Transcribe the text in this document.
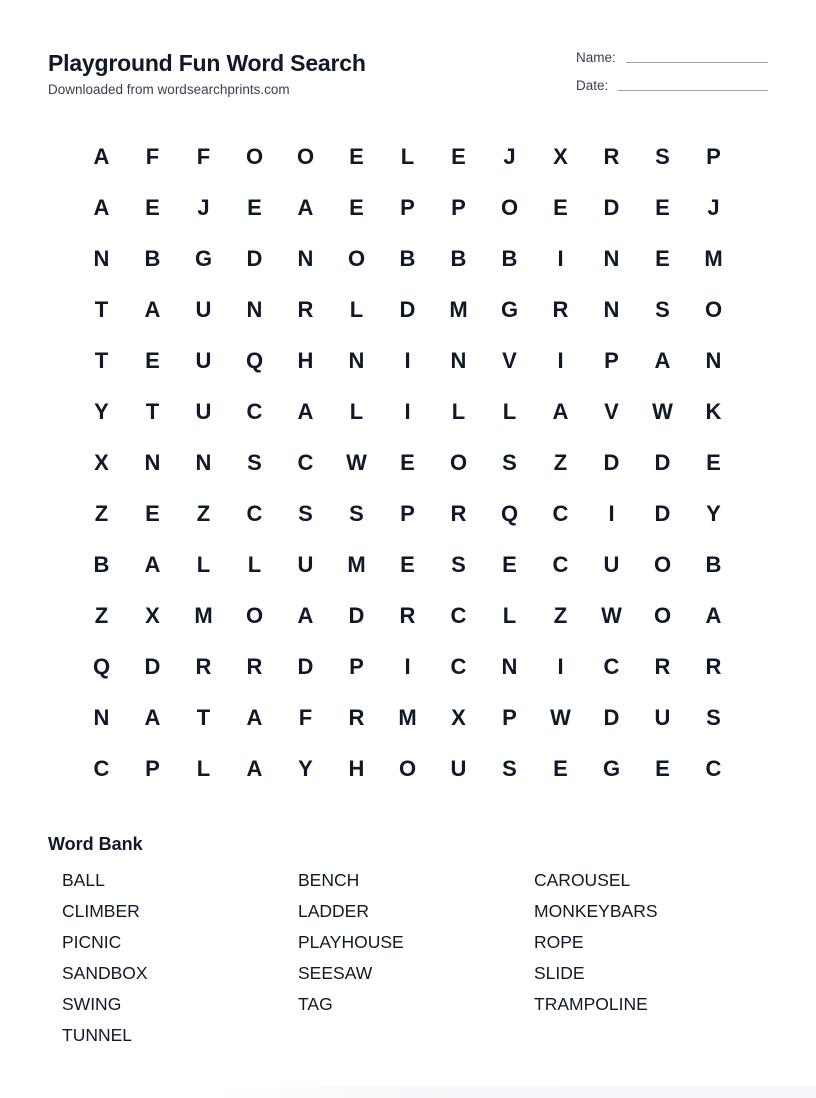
Playground Fun Word Search
Downloaded from wordsearchprints.com
Name:
Date:
A	F	F	O	O	E	L	E	J	X	R	S	P
A	E	J	E	A	E	P	P	O	E	D	E	J
N	B	G	D	N	O	B	B	B	I	N	E	M
T	A	U	N	R	L	D	M	G	R	N	S	O
T	E	U	Q	H	N	I	N	V	I	P	A	N
Y	T	U	C	A	L	I	L	L	A	V	W	K
X	N	N	S	C	W	E	O	S	Z	D	D	E
Z	E	Z	C	S	S	P	R	Q	C	I	D	Y
B	A	L	L	U	M	E	S	E	C	U	O	B
Z	X	M	O	A	D	R	C	L	Z	W	O	A
Q	D	R	R	D	P	I	C	N	I	C	R	R
N	A	T	A	F	R	M	X	P	W	D	U	S
C	P	L	A	Y	H	O	U	S	E	G	E	C
Word Bank
BALL	BENCH	CAROUSEL
CLIMBER	LADDER	MONKEYBARS
PICNIC	PLAYHOUSE	ROPE
SANDBOX	SEESAW	SLIDE
SWING	TAG	TRAMPOLINE
TUNNEL
